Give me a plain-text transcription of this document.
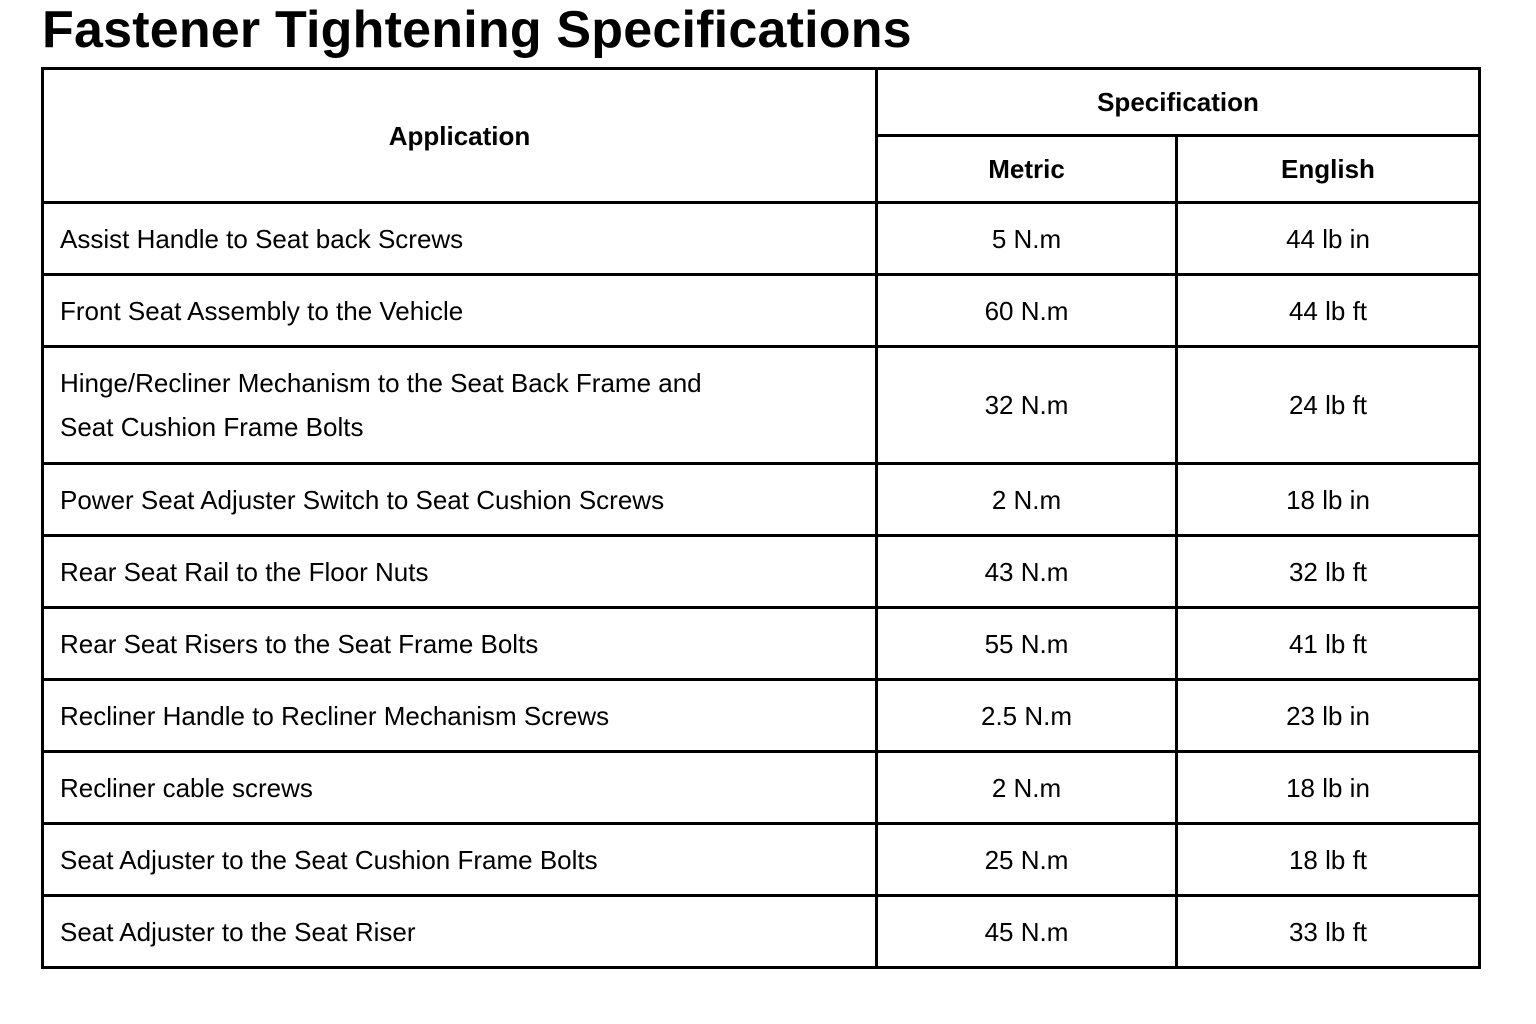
Fastener Tightening Specifications
Application	Specification	
	Metric	English
Assist Handle to Seat back Screws	5 N.m	44 lb in
Front Seat Assembly to the Vehicle	60 N.m	44 lb ft
Hinge/Recliner Mechanism to the Seat Back Frame and Seat Cushion Frame Bolts	32 N.m	24 lb ft
Power Seat Adjuster Switch to Seat Cushion Screws	2 N.m	18 lb in
Rear Seat Rail to the Floor Nuts	43 N.m	32 lb ft
Rear Seat Risers to the Seat Frame Bolts	55 N.m	41 lb ft
Recliner Handle to Recliner Mechanism Screws	2.5 N.m	23 lb in
Recliner cable screws	2 N.m	18 lb in
Seat Adjuster to the Seat Cushion Frame Bolts	25 N.m	18 lb ft
Seat Adjuster to the Seat Riser	45 N.m	33 lb ft
